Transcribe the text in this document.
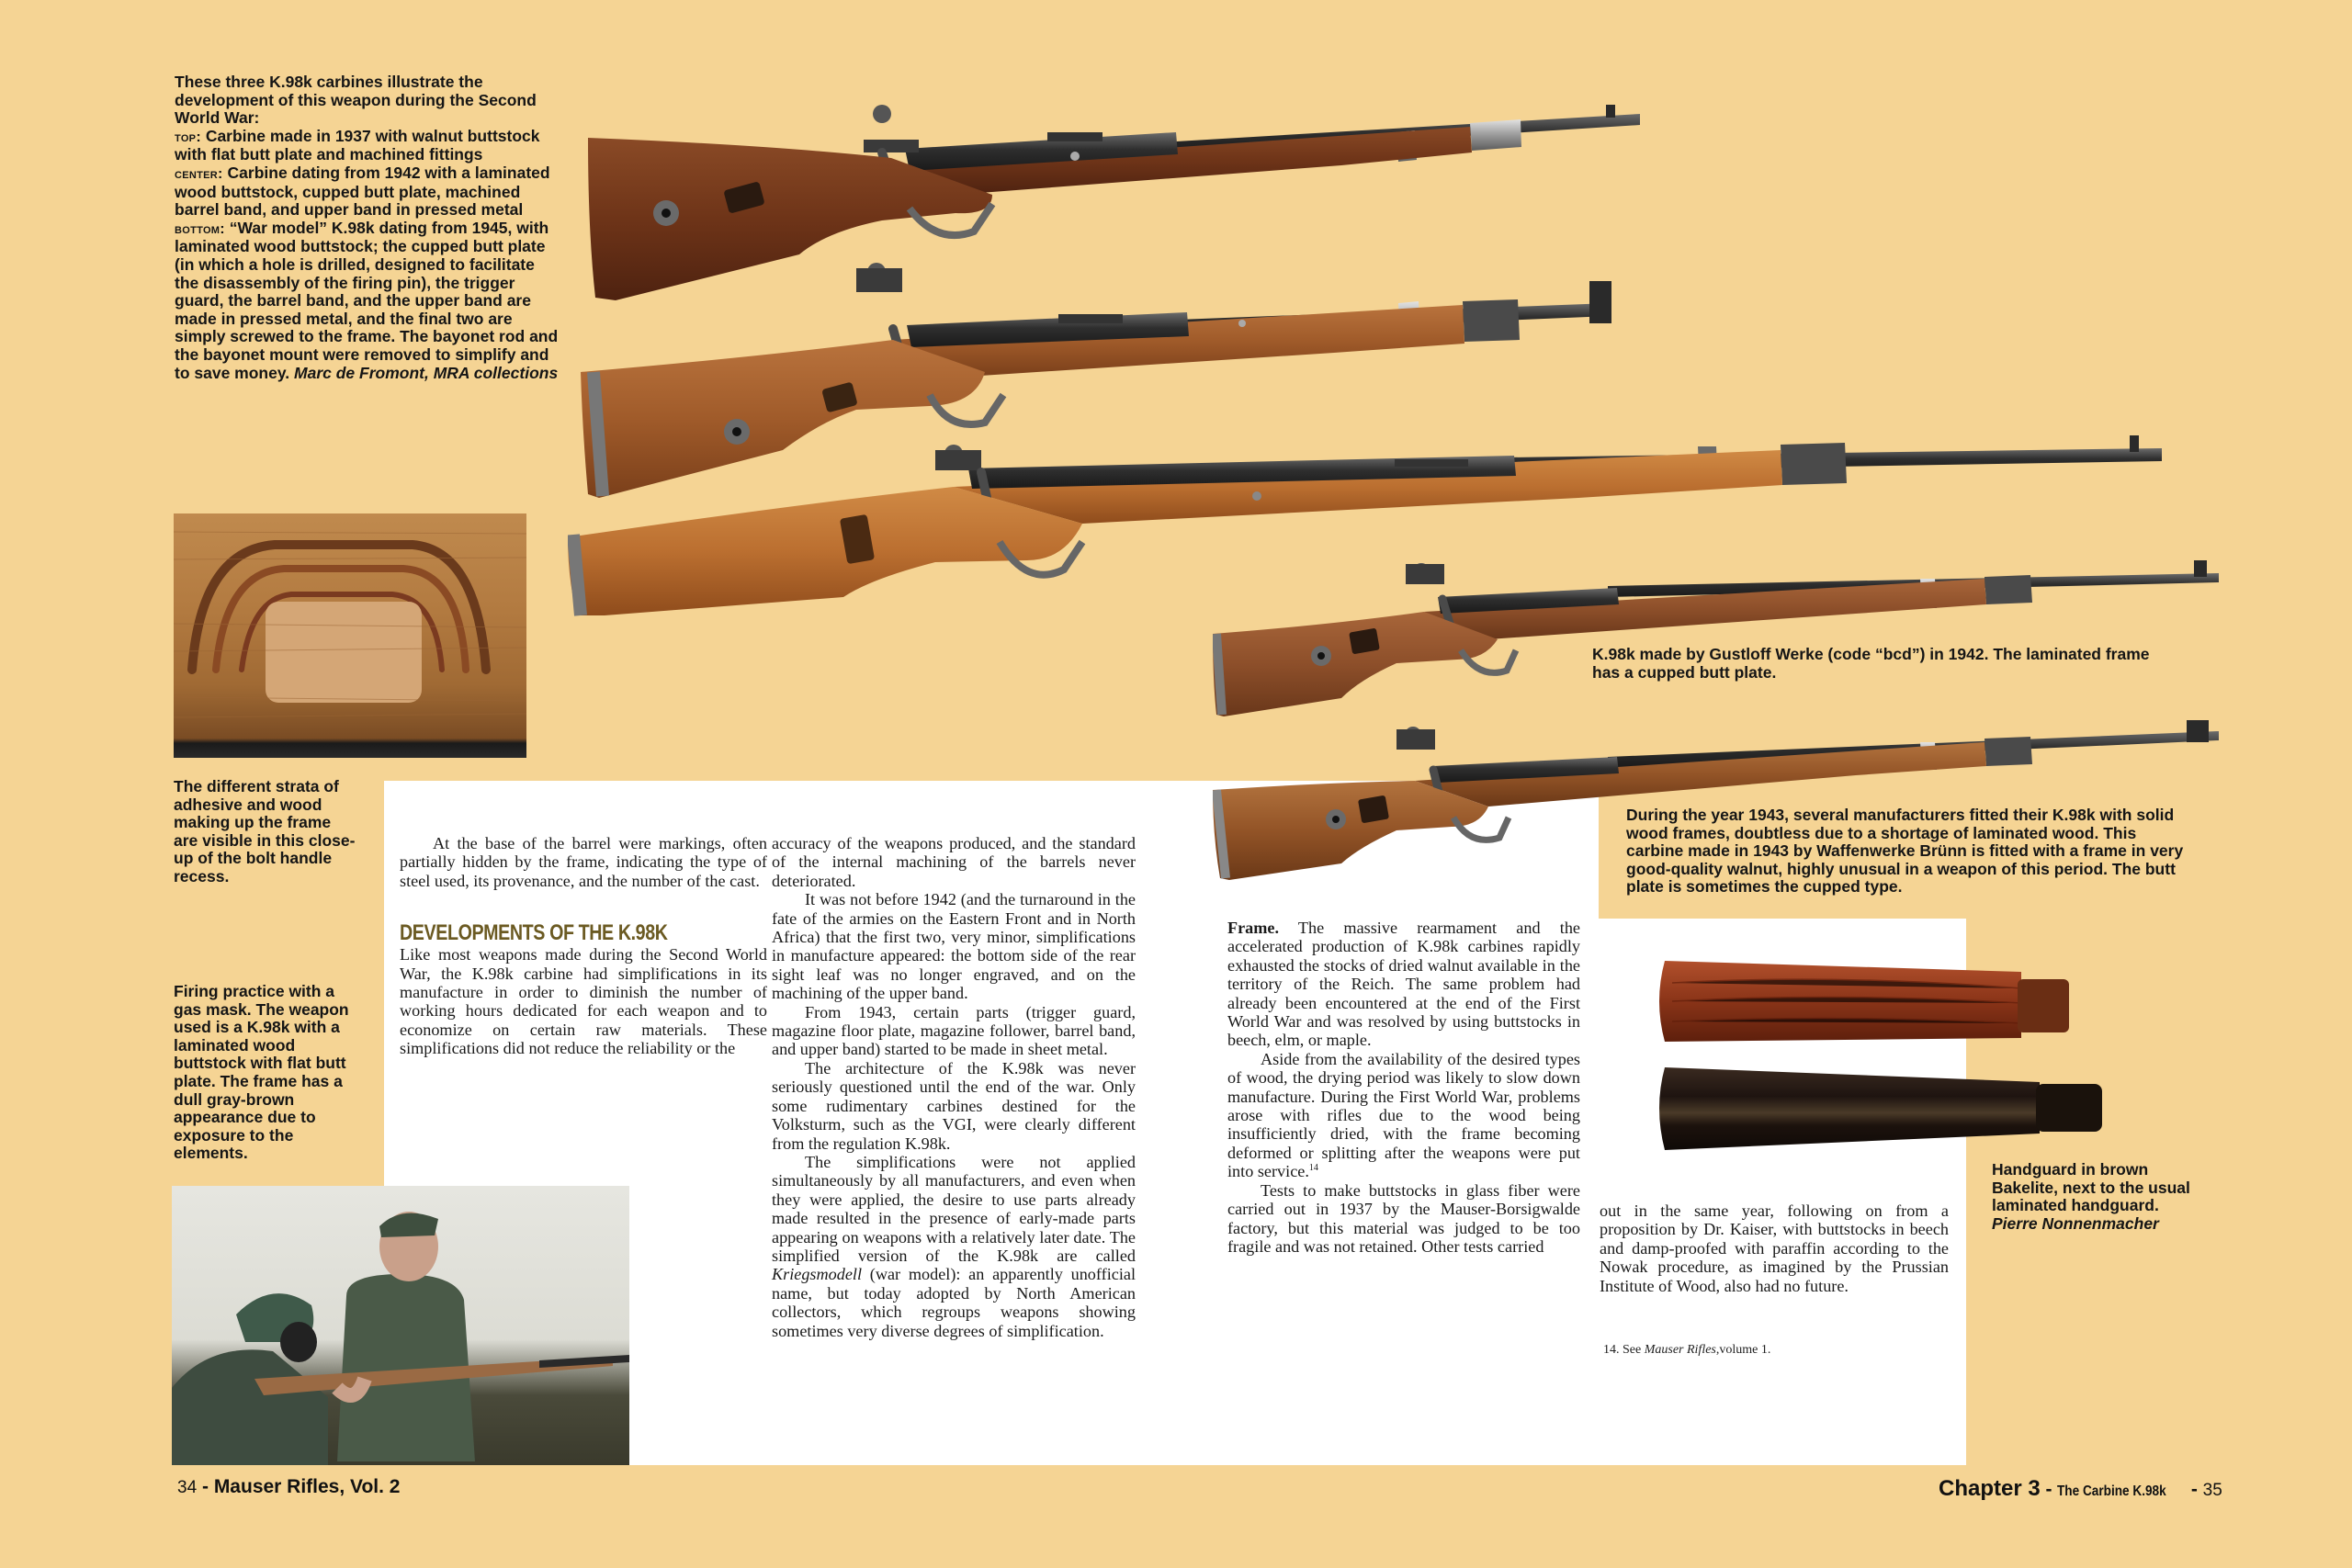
These three K.98k carbines illustrate the development of this weapon during the Second World War:
top: Carbine made in 1937 with walnut buttstock with flat butt plate and machined fittings
center: Carbine dating from 1942 with a laminated wood buttstock, cupped butt plate, machined barrel band, and upper band in pressed metal
bottom: “War model” K.98k dating from 1945, with laminated wood buttstock; the cupped butt plate (in which a hole is drilled, designed to facilitate the disassembly of the firing pin), the trigger guard, the barrel band, and the upper band are made in pressed metal, and the final two are simply screwed to the frame. The bayonet rod and the bayonet mount were removed to simplify and to save money. Marc de Fromont, MRA collections
The different strata of adhesive and wood making up the frame are visible in this close-up of the bolt handle recess.
Firing practice with a gas mask. The weapon used is a K.98k with a laminated wood buttstock with flat butt plate. The frame has a dull gray-brown appearance due to exposure to the elements.
K.98k made by Gustloff Werke (code “bcd”) in 1942. The laminated frame has a cupped butt plate.
During the year 1943, several manufacturers fitted their K.98k with solid wood frames, doubtless due to a shortage of laminated wood. This carbine made in 1943 by Waffenwerke Brünn is fitted with a frame in very good-quality walnut, highly unusual in a weapon of this period. The butt plate is sometimes the cupped type.
Handguard in brown Bakelite, next to the usual laminated handguard. Pierre Nonnenmacher

At the base of the barrel were markings, often partially hidden by the frame, indicating the type of steel used, its provenance, and the number of the cast.

DEVELOPMENTS OF THE K.98K

Like most weapons made during the Second World War, the K.98k carbine had simplifications in its manufacture in order to diminish the number of working hours dedicated for each weapon and to economize on certain raw materials. These simplifications did not reduce the reliability or the

accuracy of the weapons produced, and the standard of the internal machining of the barrels never deteriorated.

It was not before 1942 (and the turnaround in the fate of the armies on the Eastern Front and in North Africa) that the first two, very minor, simplifications in manufacture appeared: the bottom side of the rear sight leaf was no longer engraved, and on the machining of the upper band.

From 1943, certain parts (trigger guard, magazine floor plate, magazine follower, barrel band, and upper band) started to be made in sheet metal.

The architecture of the K.98k was never seriously questioned until the end of the war. Only some rudimentary carbines destined for the Volksturm, such as the VGI, were clearly different from the regulation K.98k.

The simplifications were not applied simultaneously by all manufacturers, and even when they were applied, the desire to use parts already made resulted in the presence of early-made parts appearing on weapons with a relatively later date. The simplified version of the K.98k are called Kriegsmodell (war model): an apparently unofficial name, but today adopted by North American collectors, which regroups weapons showing sometimes very diverse degrees of simplification.

Frame. The massive rearmament and the accelerated production of K.98k carbines rapidly exhausted the stocks of dried walnut available in the territory of the Reich. The same problem had already been encountered at the end of the First World War and was resolved by using buttstocks in beech, elm, or maple.

Aside from the availability of the desired types of wood, the drying period was likely to slow down manufacture. During the First World War, problems arose with rifles due to the wood being insufficiently dried, with the frame becoming deformed or splitting after the weapons were put into service.$^{14}$

Tests to make buttstocks in glass fiber were carried out in 1937 by the Mauser-Borsigwalde factory, but this material was judged to be too fragile and was not retained. Other tests carried

out in the same year, following on from a proposition by Dr. Kaiser, with buttstocks in beech and damp-proofed with paraffin according to the Nowak procedure, as imagined by the Prussian Institute of Wood, also had no future.

14. See Mauser Rifles,volume 1.
34 - Mauser Rifles, Vol. 2	Chapter 3 - The Carbine K.98k - 35
